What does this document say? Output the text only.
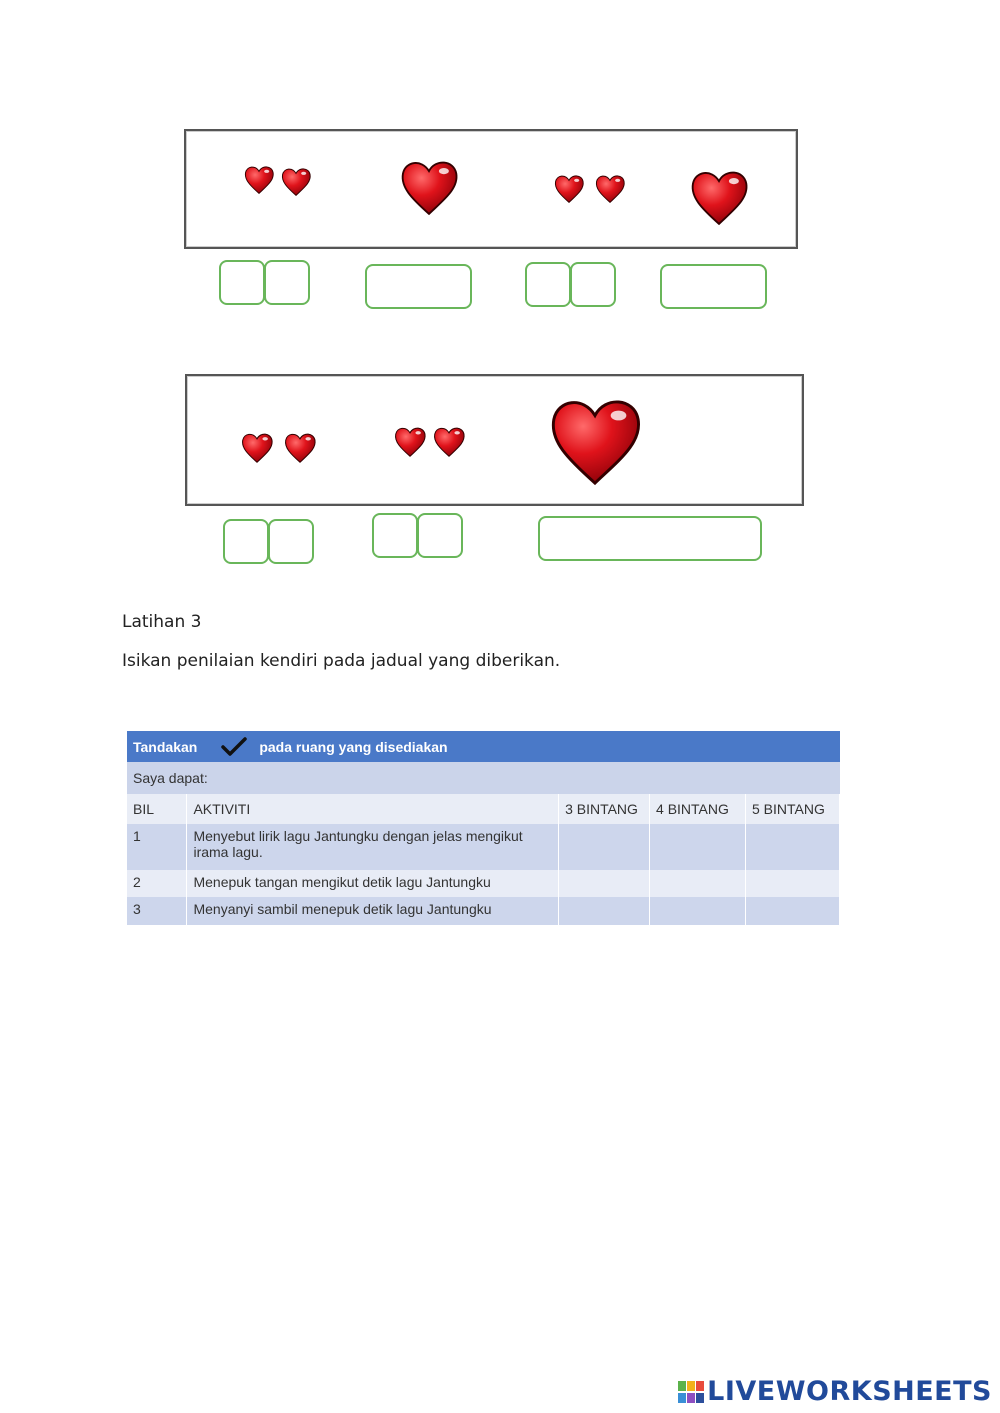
Latihan 3
Isikan penilaian kendiri pada jadual yang diberikan.
Tandakan	pada ruang yang disediakan
Saya dapat:
BIL	AKTIVITI	3 BINTANG	4 BINTANG	5 BINTANG
1	Menyebut lirik lagu Jantungku dengan jelas mengikut irama lagu.			
2	Menepuk tangan mengikut detik lagu Jantungku			
3	Menyanyi sambil menepuk detik lagu Jantungku			
LIVEWORKSHEETS
